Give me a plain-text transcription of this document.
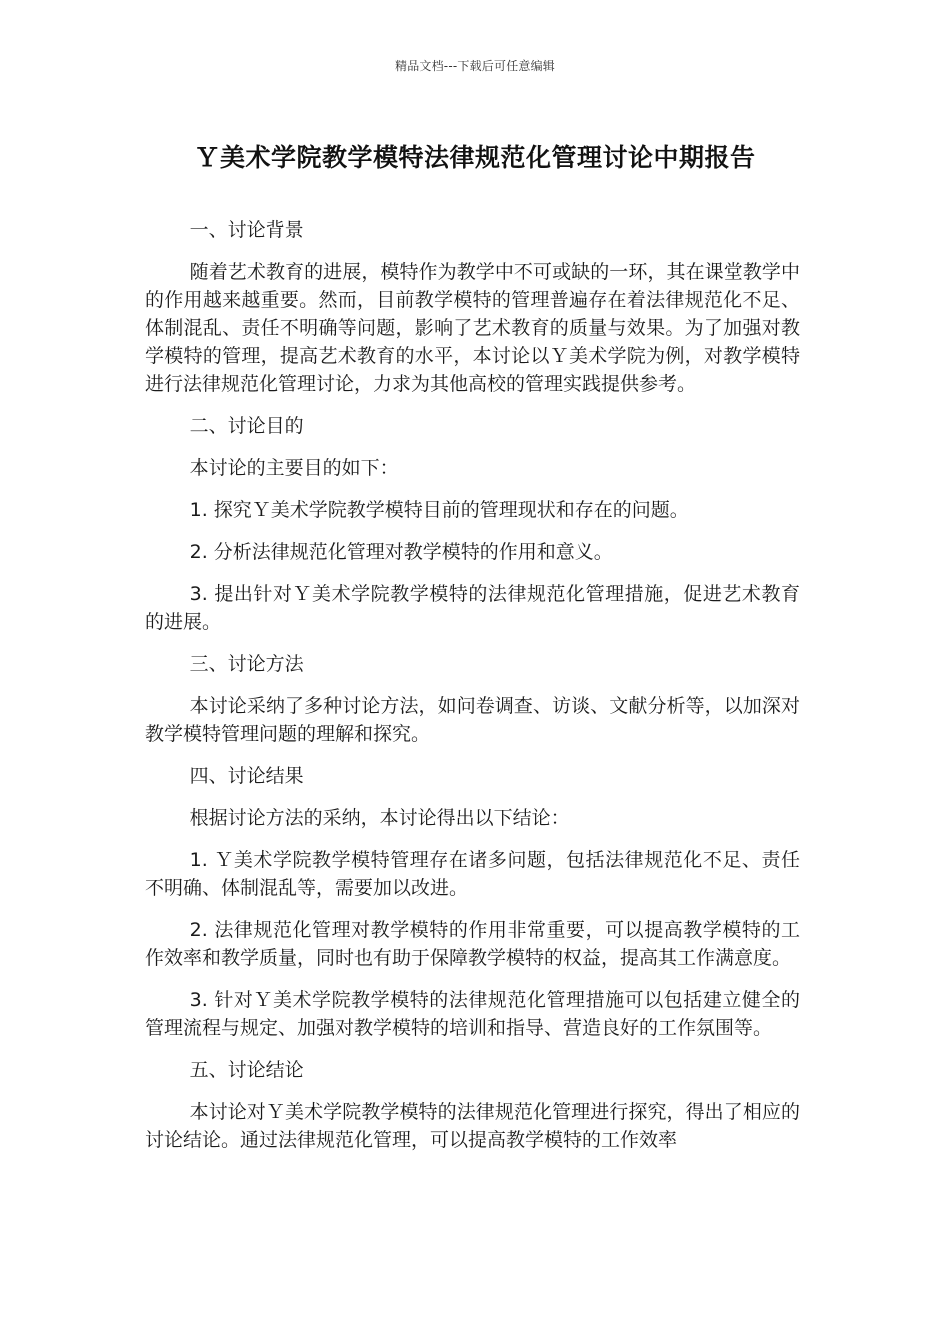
精品文档---下载后可任意编辑
Ｙ美术学院教学模特法律规范化管理讨论中期报告

一、讨论背景

随着艺术教育的进展，模特作为教学中不可或缺的一环，其在课堂教学中的作用越来越重要。然而，目前教学模特的管理普遍存在着法律规范化不足、体制混乱、责任不明确等问题，影响了艺术教育的质量与效果。为了加强对教学模特的管理，提高艺术教育的水平，本讨论以Ｙ美术学院为例，对教学模特进行法律规范化管理讨论，力求为其他高校的管理实践提供参考。

二、讨论目的

本讨论的主要目的如下：

1. 探究Ｙ美术学院教学模特目前的管理现状和存在的问题。

2. 分析法律规范化管理对教学模特的作用和意义。

3. 提出针对Ｙ美术学院教学模特的法律规范化管理措施，促进艺术教育的进展。

三、讨论方法

本讨论采纳了多种讨论方法，如问卷调查、访谈、文献分析等，以加深对教学模特管理问题的理解和探究。

四、讨论结果

根据讨论方法的采纳，本讨论得出以下结论：

1. Ｙ美术学院教学模特管理存在诸多问题，包括法律规范化不足、责任不明确、体制混乱等，需要加以改进。

2. 法律规范化管理对教学模特的作用非常重要，可以提高教学模特的工作效率和教学质量，同时也有助于保障教学模特的权益，提高其工作满意度。

3. 针对Ｙ美术学院教学模特的法律规范化管理措施可以包括建立健全的管理流程与规定、加强对教学模特的培训和指导、营造良好的工作氛围等。

五、讨论结论

本讨论对Ｙ美术学院教学模特的法律规范化管理进行探究，得出了相应的讨论结论。通过法律规范化管理，可以提高教学模特的工作效率
